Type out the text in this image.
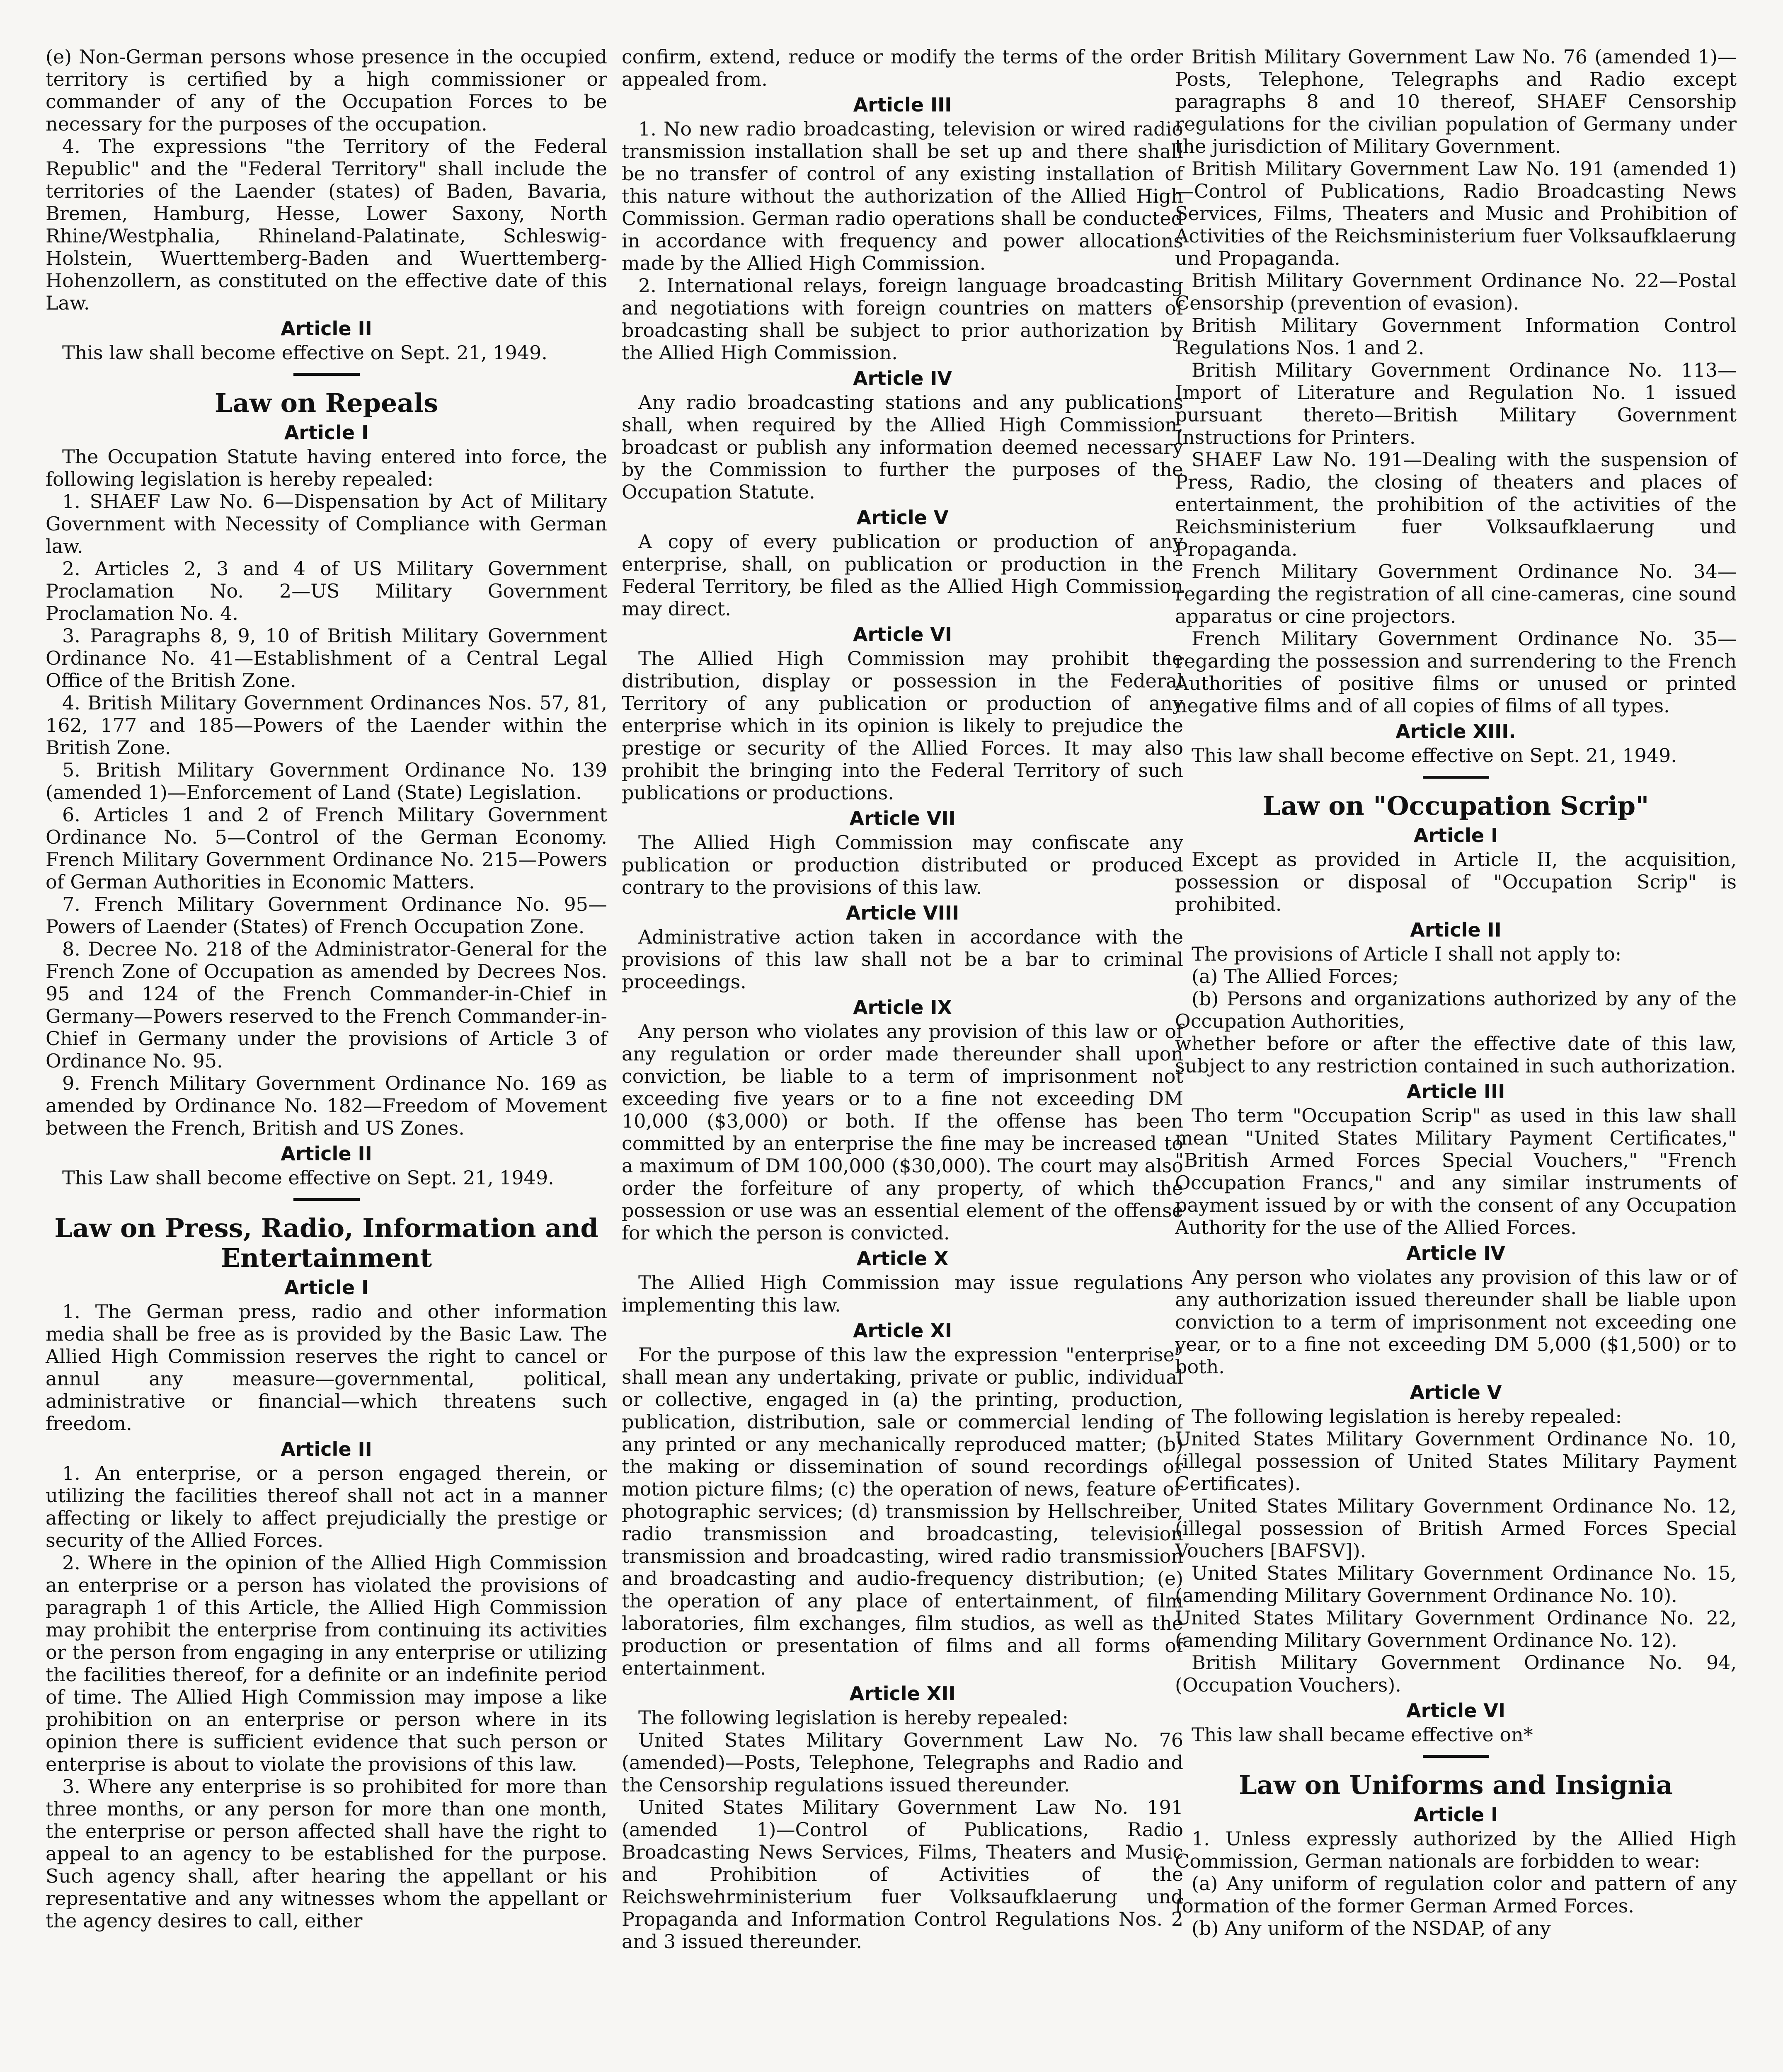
(e) Non-German persons whose presence in the occupied territory is certified by a high commissioner or commander of any of the Occupation Forces to be necessary for the purposes of the occupation.

4. The expressions "the Territory of the Federal Republic" and the "Federal Territory" shall include the territories of the Laender (states) of Baden, Bavaria, Bremen, Hamburg, Hesse, Lower Saxony, North Rhine/Westphalia, Rhineland-Palatinate, Schleswig-Holstein, Wuerttemberg-Baden and Wuerttemberg-Hohenzollern, as constituted on the effective date of this Law.

Article II

This law shall become effective on Sept. 21, 1949.

Law on Repeals
Article I

The Occupation Statute having entered into force, the following legislation is hereby repealed:

1. SHAEF Law No. 6—Dispensation by Act of Military Government with Necessity of Compliance with German law.

2. Articles 2, 3 and 4 of US Military Government Proclamation No. 2—US Military Government Proclamation No. 4.

3. Paragraphs 8, 9, 10 of British Military Government Ordinance No. 41—Establishment of a Central Legal Office of the British Zone.

4. British Military Government Ordinances Nos. 57, 81, 162, 177 and 185—Powers of the Laender within the British Zone.

5. British Military Government Ordinance No. 139 (amended 1)—Enforcement of Land (State) Legislation.

6. Articles 1 and 2 of French Military Government Ordinance No. 5—Control of the German Economy. French Military Government Ordinance No. 215—Powers of German Authorities in Economic Matters.

7. French Military Government Ordinance No. 95—Powers of Laender (States) of French Occupation Zone.

8. Decree No. 218 of the Administrator-General for the French Zone of Occupation as amended by Decrees Nos. 95 and 124 of the French Commander-in-Chief in Germany—Powers reserved to the French Commander-in-Chief in Germany under the provisions of Article 3 of Ordinance No. 95.

9. French Military Government Ordinance No. 169 as amended by Ordinance No. 182—Freedom of Movement between the French, British and US Zones.

Article II

This Law shall become effective on Sept. 21, 1949.

Law on Press, Radio, Information and Entertainment
Article I

1. The German press, radio and other information media shall be free as is provided by the Basic Law. The Allied High Commission reserves the right to cancel or annul any measure—governmental, political, administrative or financial—which threatens such freedom.

Article II

1. An enterprise, or a person engaged therein, or utilizing the facilities thereof shall not act in a manner affecting or likely to affect prejudicially the prestige or security of the Allied Forces.

2. Where in the opinion of the Allied High Commission an enterprise or a person has violated the provisions of paragraph 1 of this Article, the Allied High Commission may prohibit the enterprise from continuing its activities or the person from engaging in any enterprise or utilizing the facilities thereof, for a definite or an indefinite period of time. The Allied High Commission may impose a like prohibition on an enterprise or person where in its opinion there is sufficient evidence that such person or enterprise is about to violate the provisions of this law.

3. Where any enterprise is so prohibited for more than three months, or any person for more than one month, the enterprise or person affected shall have the right to appeal to an agency to be established for the purpose. Such agency shall, after hearing the appellant or his representative and any witnesses whom the appellant or the agency desires to call, either

confirm, extend, reduce or modify the terms of the order appealed from.

Article III

1. No new radio broadcasting, television or wired radio transmission installation shall be set up and there shall be no transfer of control of any existing installation of this nature without the authorization of the Allied High Commission. German radio operations shall be conducted in accordance with frequency and power allocations made by the Allied High Commission.

2. International relays, foreign language broadcasting and negotiations with foreign countries on matters of broadcasting shall be subject to prior authorization by the Allied High Commission.

Article IV

Any radio broadcasting stations and any publications shall, when required by the Allied High Commission, broadcast or publish any information deemed necessary by the Commission to further the purposes of the Occupation Statute.

Article V

A copy of every publication or production of any enterprise, shall, on publication or production in the Federal Territory, be filed as the Allied High Commission may direct.

Article VI

The Allied High Commission may prohibit the distribution, display or possession in the Federal Territory of any publication or production of any enterprise which in its opinion is likely to prejudice the prestige or security of the Allied Forces. It may also prohibit the bringing into the Federal Territory of such publications or productions.

Article VII

The Allied High Commission may confiscate any publication or production distributed or produced contrary to the provisions of this law.

Article VIII

Administrative action taken in accordance with the provisions of this law shall not be a bar to criminal proceedings.

Article IX

Any person who violates any provision of this law or of any regulation or order made thereunder shall upon conviction, be liable to a term of imprisonment not exceeding five years or to a fine not exceeding DM 10,000 ($3,000) or both. If the offense has been committed by an enterprise the fine may be increased to a maximum of DM 100,000 ($30,000). The court may also order the forfeiture of any property, of which the possession or use was an essential element of the offense for which the person is convicted.

Article X

The Allied High Commission may issue regulations implementing this law.

Article XI

For the purpose of this law the expression "enterprise" shall mean any undertaking, private or public, individual or collective, engaged in (a) the printing, production, publication, distribution, sale or commercial lending of any printed or any mechanically reproduced matter; (b) the making or dissemination of sound recordings or motion picture films; (c) the operation of news, feature or photographic services; (d) transmission by Hellschreiber, radio transmission and broadcasting, television transmission and broadcasting, wired radio transmission and broadcasting and audio-frequency distribution; (e) the operation of any place of entertainment, of film laboratories, film exchanges, film studios, as well as the production or presentation of films and all forms of entertainment.

Article XII

The following legislation is hereby repealed:

United States Military Government Law No. 76 (amended)—Posts, Telephone, Telegraphs and Radio and the Censorship regulations issued thereunder.

United States Military Government Law No. 191 (amended 1)—Control of Publications, Radio Broadcasting News Services, Films, Theaters and Music and Prohibition of Activities of the Reichswehrministerium fuer Volksaufklaerung und Propaganda and Information Control Regulations Nos. 2 and 3 issued thereunder.

British Military Government Law No. 76 (amended 1)—Posts, Telephone, Telegraphs and Radio except paragraphs 8 and 10 thereof, SHAEF Censorship regulations for the civilian population of Germany under the jurisdiction of Military Government.

British Military Government Law No. 191 (amended 1)—Control of Publications, Radio Broadcasting News Services, Films, Theaters and Music and Prohibition of Activities of the Reichsministerium fuer Volksaufklaerung und Propaganda.

British Military Government Ordinance No. 22—Postal Censorship (prevention of evasion).

British Military Government Information Control Regulations Nos. 1 and 2.

British Military Government Ordinance No. 113—Import of Literature and Regulation No. 1 issued pursuant thereto—British Military Government Instructions for Printers.

SHAEF Law No. 191—Dealing with the suspension of Press, Radio, the closing of theaters and places of entertainment, the prohibition of the activities of the Reichsministerium fuer Volksaufklaerung und Propaganda.

French Military Government Ordinance No. 34—regarding the registration of all cine-cameras, cine sound apparatus or cine projectors.

French Military Government Ordinance No. 35—regarding the possession and surrendering to the French Authorities of positive films or unused or printed negative films and of all copies of films of all types.

Article XIII.

This law shall become effective on Sept. 21, 1949.

Law on "Occupation Scrip"
Article I

Except as provided in Article II, the acquisition, possession or disposal of "Occupation Scrip" is prohibited.

Article II

The provisions of Article I shall not apply to:

(a) The Allied Forces;

(b) Persons and organizations authorized by any of the Occupation Authorities,

whether before or after the effective date of this law, subject to any restriction contained in such authorization.

Article III

Tho term "Occupation Scrip" as used in this law shall mean "United States Military Payment Certificates," "British Armed Forces Special Vouchers," "French Occupation Francs," and any similar instruments of payment issued by or with the consent of any Occupation Authority for the use of the Allied Forces.

Article IV

Any person who violates any provision of this law or of any authorization issued thereunder shall be liable upon conviction to a term of imprisonment not exceeding one year, or to a fine not exceeding DM 5,000 ($1,500) or to both.

Article V

The following legislation is hereby repealed:

United States Military Government Ordinance No. 10, (illegal possession of United States Military Payment Certificates).

United States Military Government Ordinance No. 12, (illegal possession of British Armed Forces Special Vouchers [BAFSV]).

United States Military Government Ordinance No. 15, (amending Military Government Ordinance No. 10).

United States Military Government Ordinance No. 22, (amending Military Government Ordinance No. 12).

British Military Government Ordinance No. 94, (Occupation Vouchers).

Article VI

This law shall became effective on*

Law on Uniforms and Insignia
Article I

1. Unless expressly authorized by the Allied High Commission, German nationals are forbidden to wear:

(a) Any uniform of regulation color and pattern of any formation of the former German Armed Forces.

(b) Any uniform of the NSDAP, of any
